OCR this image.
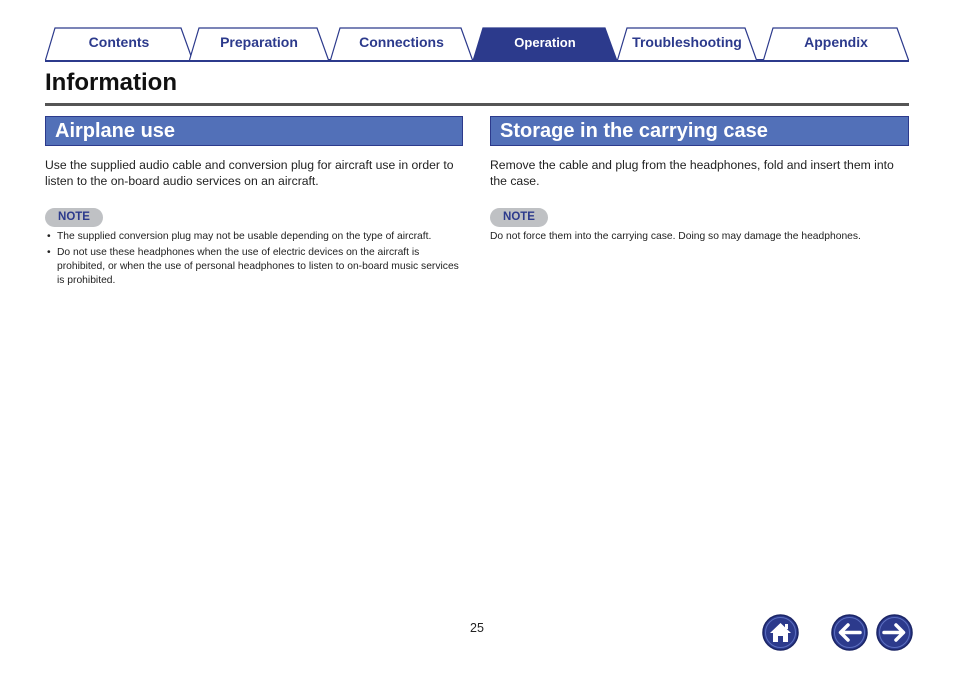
Contents	Preparation	Connections	Operation	Troubleshooting	Appendix
Information
Airplane use

Use the supplied audio cable and conversion plug for aircraft use in order to listen to the on-board audio services on an aircraft.

NOTE
• The supplied conversion plug may not be usable depending on the type of aircraft.
• Do not use these headphones when the use of electric devices on the aircraft is prohibited, or when the use of personal headphones to listen to on-board music services is prohibited.
Storage in the carrying case

Remove the cable and plug from the headphones, fold and insert them into the case.

NOTE

Do not force them into the carrying case. Doing so may damage the headphones.

25
